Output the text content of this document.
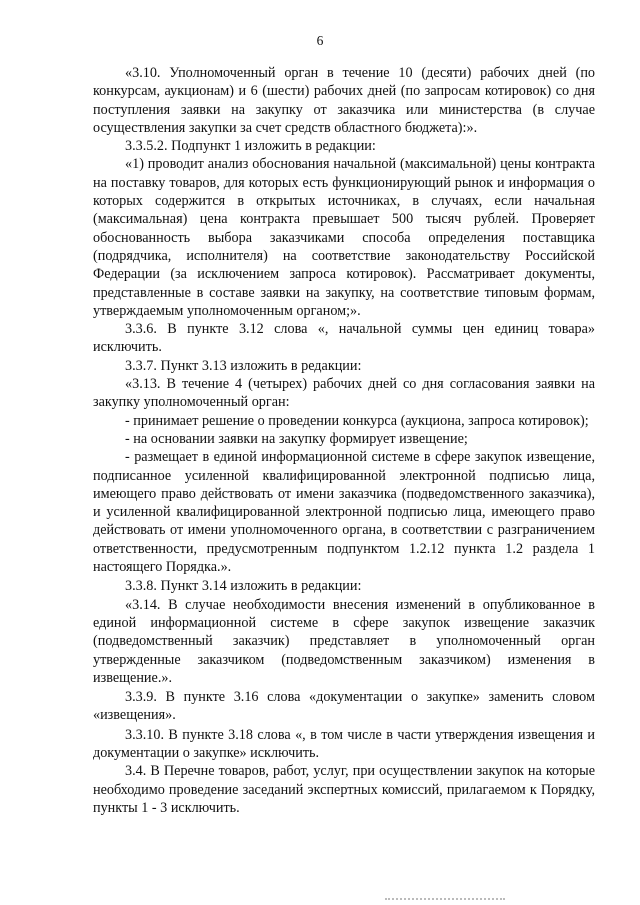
6

«3.10. Уполномоченный орган в течение 10 (десяти) рабочих дней (по конкурсам, аукционам) и 6 (шести) рабочих дней (по запросам котировок) со дня поступления заявки на закупку от заказчика или министерства (в случае осуществления закупки за счет средств областного бюджета):».

3.3.5.2. Подпункт 1 изложить в редакции:

«1) проводит анализ обоснования начальной (максимальной) цены контракта на поставку товаров, для которых есть функционирующий рынок и информация о которых содержится в открытых источниках, в случаях, если начальная (максимальная) цена контракта превышает 500 тысяч рублей. Проверяет обоснованность выбора заказчиками способа определения поставщика (подрядчика, исполнителя) на соответствие законодательству Российской Федерации (за исключением запроса котировок). Рассматривает документы, представленные в составе заявки на закупку, на соответствие типовым формам, утверждаемым уполномоченным органом;».

3.3.6. В пункте 3.12 слова «, начальной суммы цен единиц товара» исключить.

3.3.7. Пункт 3.13 изложить в редакции:

«3.13. В течение 4 (четырех) рабочих дней со дня согласования заявки на закупку уполномоченный орган:

- принимает решение о проведении конкурса (аукциона, запроса котировок);

- на основании заявки на закупку формирует извещение;

- размещает в единой информационной системе в сфере закупок извещение, подписанное усиленной квалифицированной электронной подписью лица, имеющего право действовать от имени заказчика (подведомственного заказчика), и усиленной квалифицированной электронной подписью лица, имеющего право действовать от имени уполномоченного органа, в соответствии с разграничением ответственности, предусмотренным подпунктом 1.2.12 пункта 1.2 раздела 1 настоящего Порядка.».

3.3.8. Пункт 3.14 изложить в редакции:

«3.14. В случае необходимости внесения изменений в опубликованное в единой информационной системе в сфере закупок извещение заказчик (подведомственный заказчик) представляет в уполномоченный орган утвержденные заказчиком (подведомственным заказчиком) изменения в извещение.».

3.3.9. В пункте 3.16 слова «документации о закупке» заменить словом «извещения».

3.3.10. В пункте 3.18 слова «, в том числе в части утверждения извещения и документации о закупке» исключить.

3.4. В Перечне товаров, работ, услуг, при осуществлении закупок на которые необходимо проведение заседаний экспертных комиссий, прилагаемом к Порядку, пункты 1 - 3 исключить.
